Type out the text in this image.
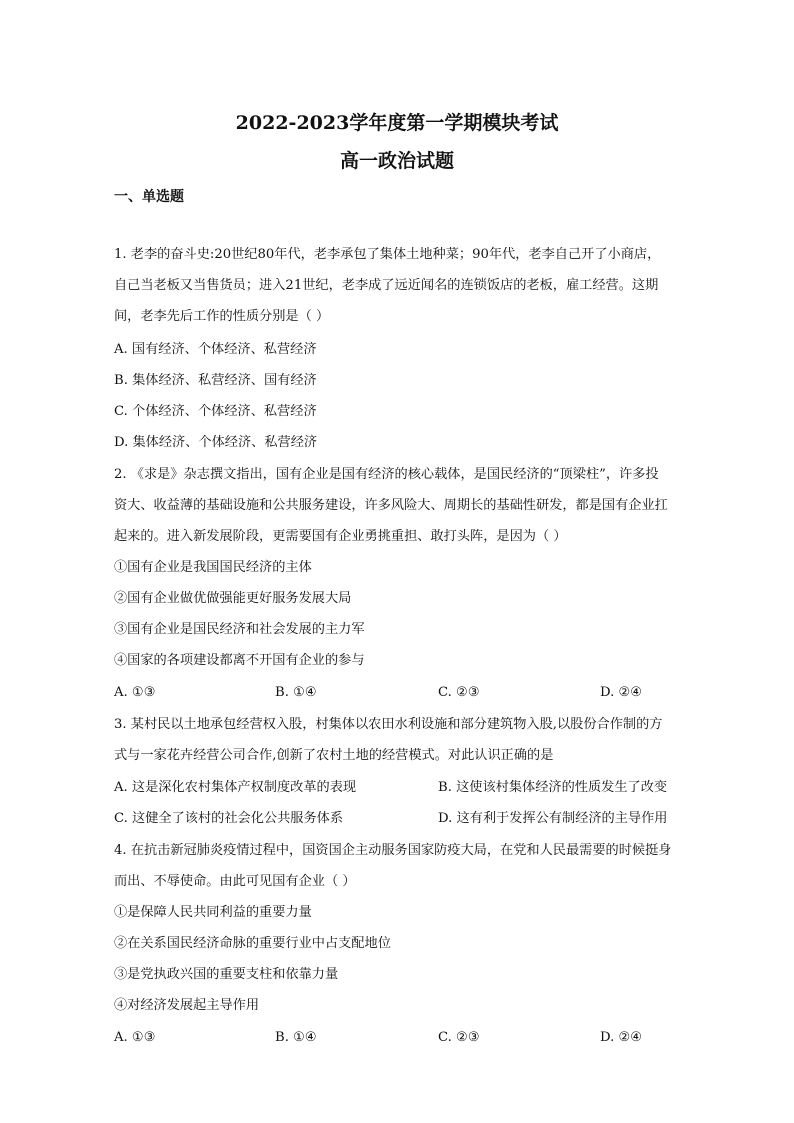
2022-2023学年度第一学期模块考试
高一政治试题
一、单选题
1. 老李的奋斗史:20世纪80年代，老李承包了集体土地种菜；90年代，老李自己开了小商店，
自己当老板又当售货员；进入21世纪，老李成了远近闻名的连锁饭店的老板，雇工经营。这期
间，老李先后工作的性质分别是（ ）
A. 国有经济、个体经济、私营经济
B. 集体经济、私营经济、国有经济
C. 个体经济、个体经济、私营经济
D. 集体经济、个体经济、私营经济
2. 《求是》杂志撰文指出，国有企业是国有经济的核心载体，是国民经济的“顶梁柱”，许多投
资大、收益薄的基础设施和公共服务建设，许多风险大、周期长的基础性研发，都是国有企业扛
起来的。进入新发展阶段，更需要国有企业勇挑重担、敢打头阵，是因为（ ）
①国有企业是我国国民经济的主体
②国有企业做优做强能更好服务发展大局
③国有企业是国民经济和社会发展的主力军
④国家的各项建设都离不开国有企业的参与
A. ①③	B. ①④	C. ②③	D. ②④
3. 某村民以土地承包经营权入股，村集体以农田水利设施和部分建筑物入股,以股份合作制的方
式与一家花卉经营公司合作,创新了农村土地的经营模式。对此认识正确的是
A. 这是深化农村集体产权制度改革的表现	B. 这使该村集体经济的性质发生了改变
C. 这健全了该村的社会化公共服务体系	D. 这有利于发挥公有制经济的主导作用
4. 在抗击新冠肺炎疫情过程中，国资国企主动服务国家防疫大局，在党和人民最需要的时候挺身
而出、不辱使命。由此可见国有企业（ ）
①是保障人民共同利益的重要力量
②在关系国民经济命脉的重要行业中占支配地位
③是党执政兴国的重要支柱和依靠力量
④对经济发展起主导作用
A. ①③	B. ①④	C. ②③	D. ②④
